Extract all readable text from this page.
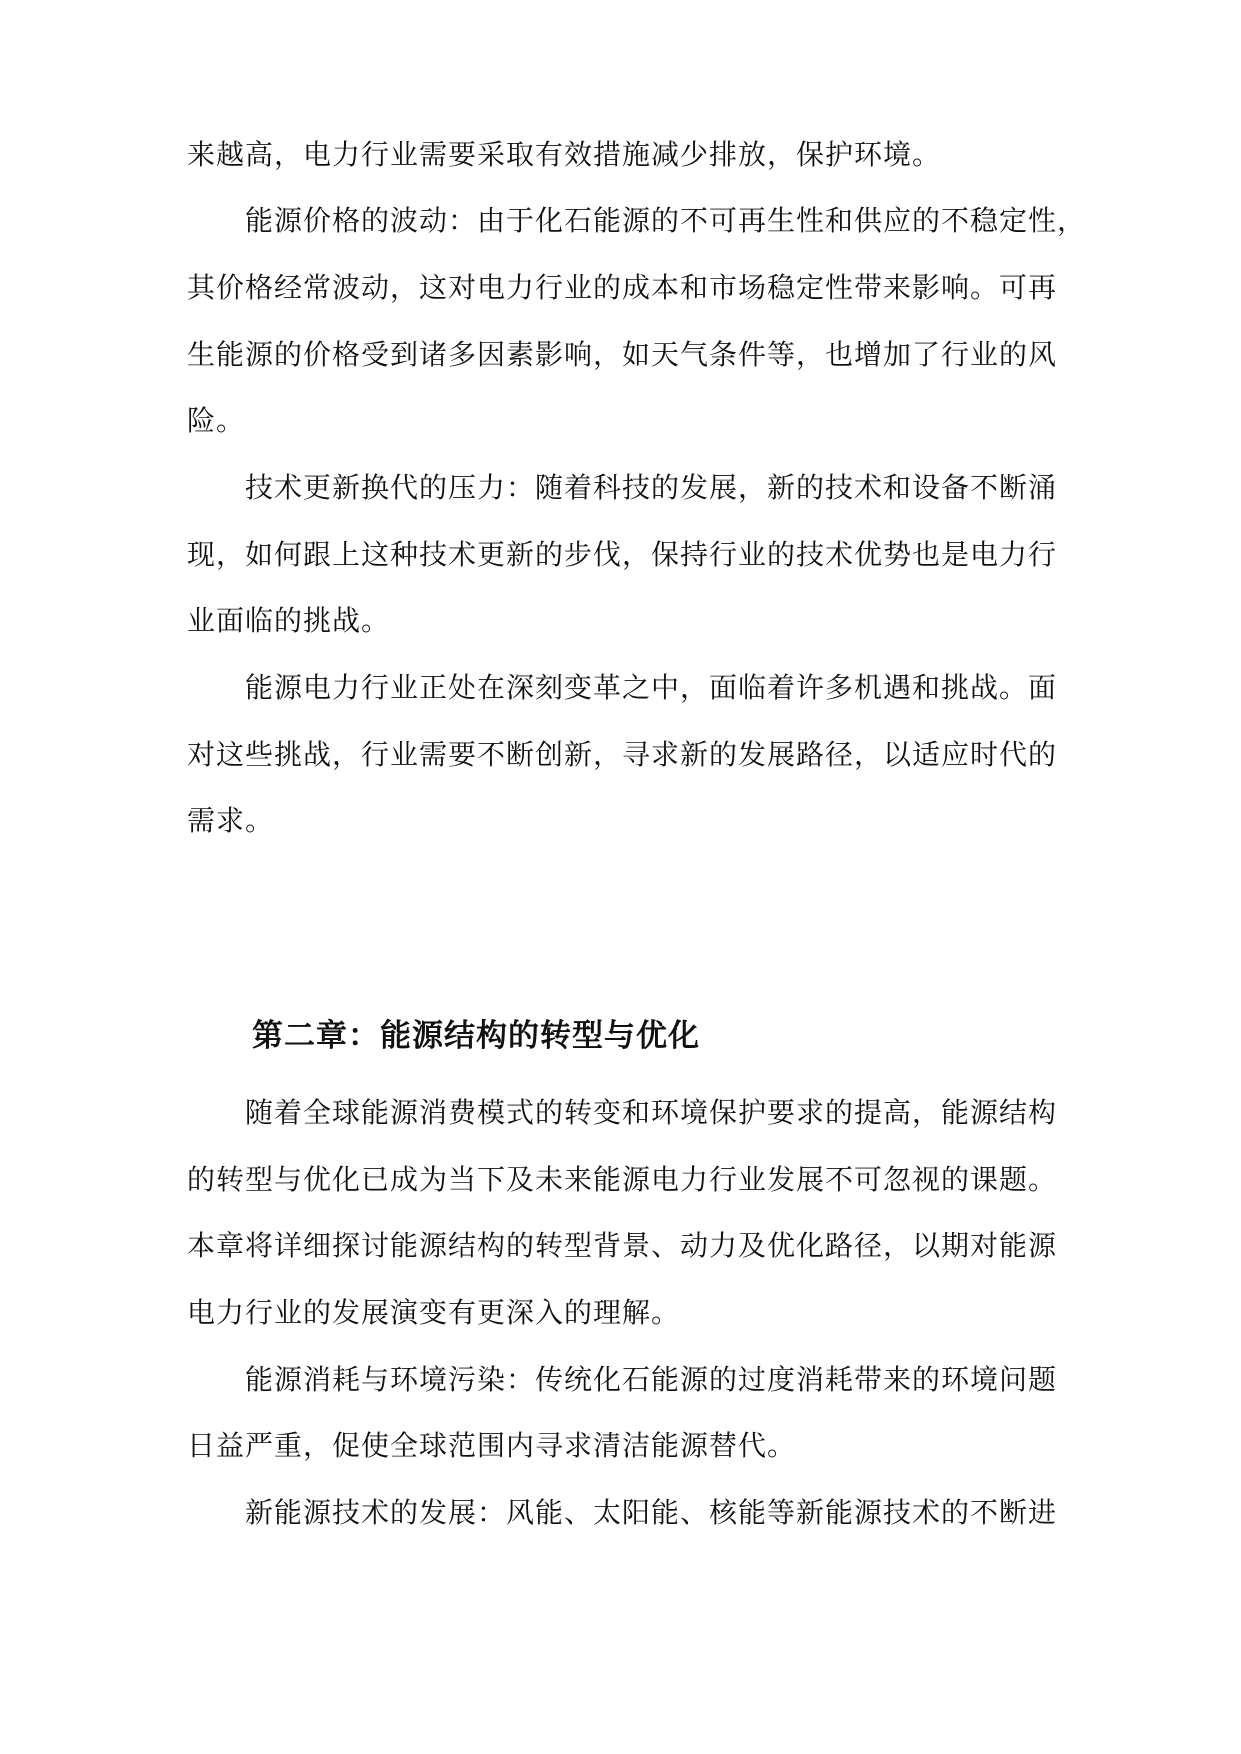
来越高，电力行业需要采取有效措施减少排放，保护环境。
能源价格的波动：由于化石能源的不可再生性和供应的不稳定性，
其价格经常波动，这对电力行业的成本和市场稳定性带来影响。可再
生能源的价格受到诸多因素影响，如天气条件等，也增加了行业的风
险。
技术更新换代的压力：随着科技的发展，新的技术和设备不断涌
现，如何跟上这种技术更新的步伐，保持行业的技术优势也是电力行
业面临的挑战。
能源电力行业正处在深刻变革之中，面临着许多机遇和挑战。面
对这些挑战，行业需要不断创新，寻求新的发展路径，以适应时代的
需求。
第二章：能源结构的转型与优化
随着全球能源消费模式的转变和环境保护要求的提高，能源结构
的转型与优化已成为当下及未来能源电力行业发展不可忽视的课题。
本章将详细探讨能源结构的转型背景、动力及优化路径，以期对能源
电力行业的发展演变有更深入的理解。
能源消耗与环境污染：传统化石能源的过度消耗带来的环境问题
日益严重，促使全球范围内寻求清洁能源替代。
新能源技术的发展：风能、太阳能、核能等新能源技术的不断进
